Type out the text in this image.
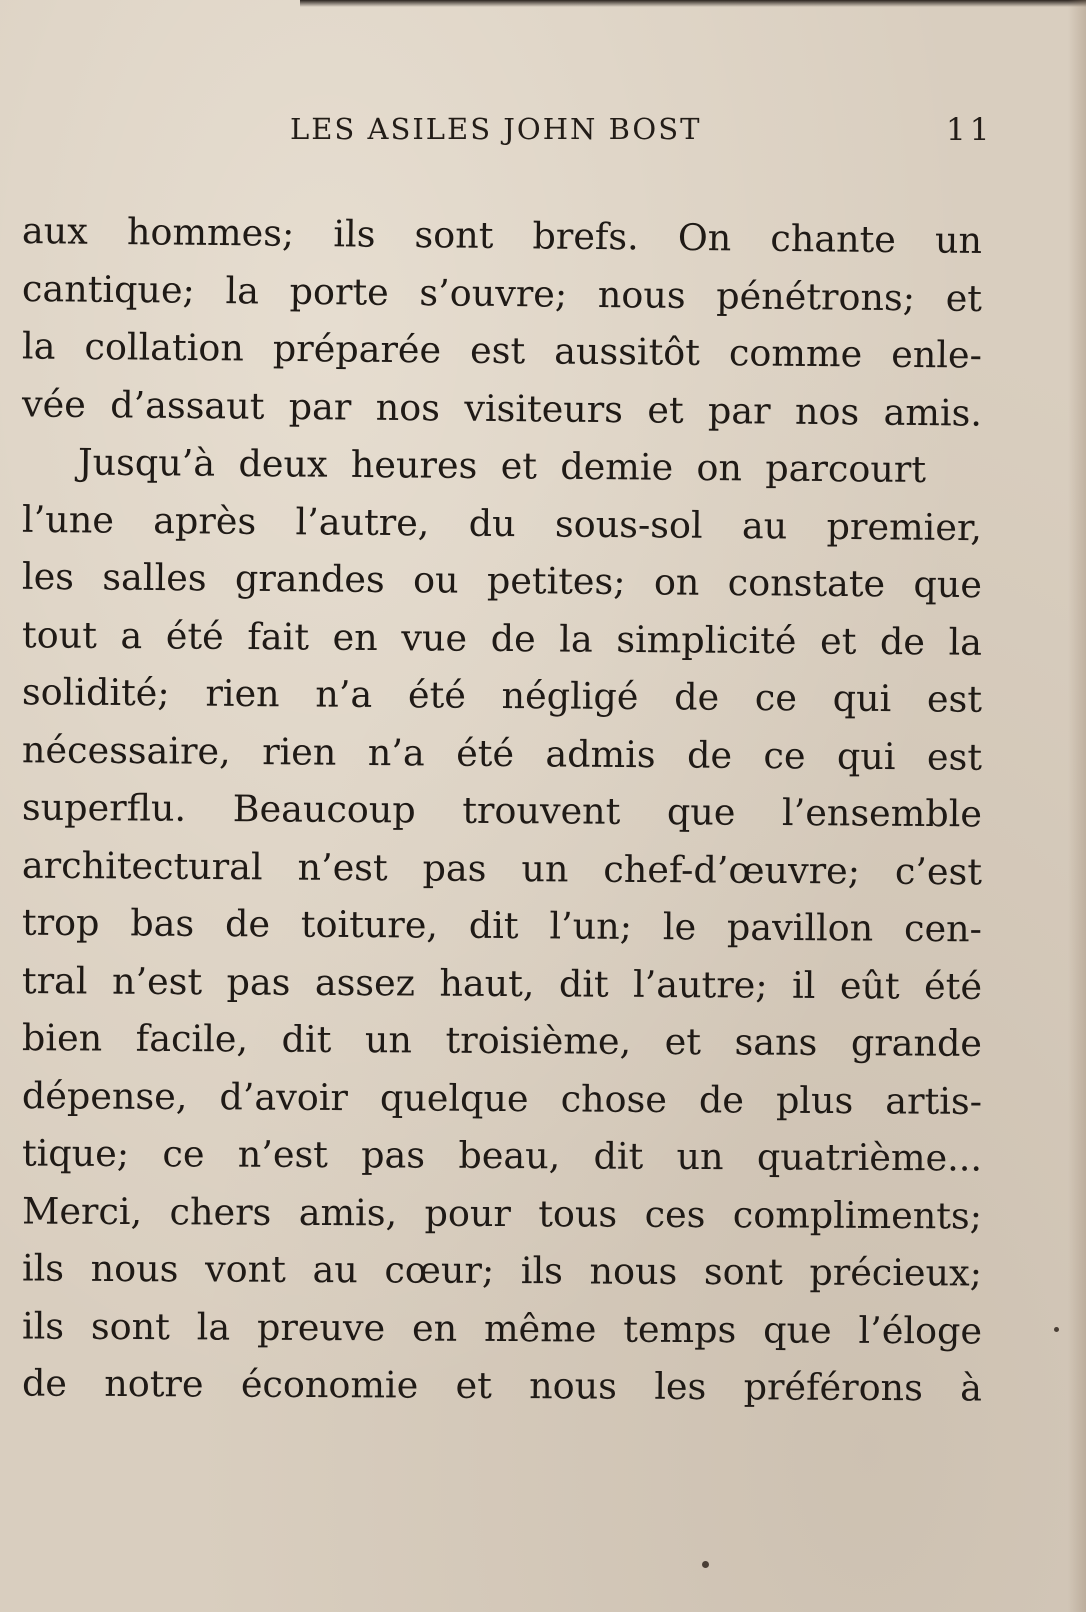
LES ASILES JOHN BOST	11
aux hommes; ils sont brefs. On chante un
cantique; la porte s’ouvre; nous pénétrons; et
la collation préparée est aussitôt comme enle-
vée d’assaut par nos visiteurs et par nos amis.
Jusqu’à deux heures et demie on parcourt
l’une après l’autre, du sous-sol au premier,
les salles grandes ou petites; on constate que
tout a été fait en vue de la simplicité et de la
solidité; rien n’a été négligé de ce qui est
nécessaire, rien n’a été admis de ce qui est
superflu. Beaucoup trouvent que l’ensemble
architectural n’est pas un chef-d’œuvre; c’est
trop bas de toiture, dit l’un; le pavillon cen-
tral n’est pas assez haut, dit l’autre; il eût été
bien facile, dit un troisième, et sans grande
dépense, d’avoir quelque chose de plus artis-
tique; ce n’est pas beau, dit un quatrième...
Merci, chers amis, pour tous ces compliments;
ils nous vont au cœur; ils nous sont précieux;
ils sont la preuve en même temps que l’éloge
de notre économie et nous les préférons à
